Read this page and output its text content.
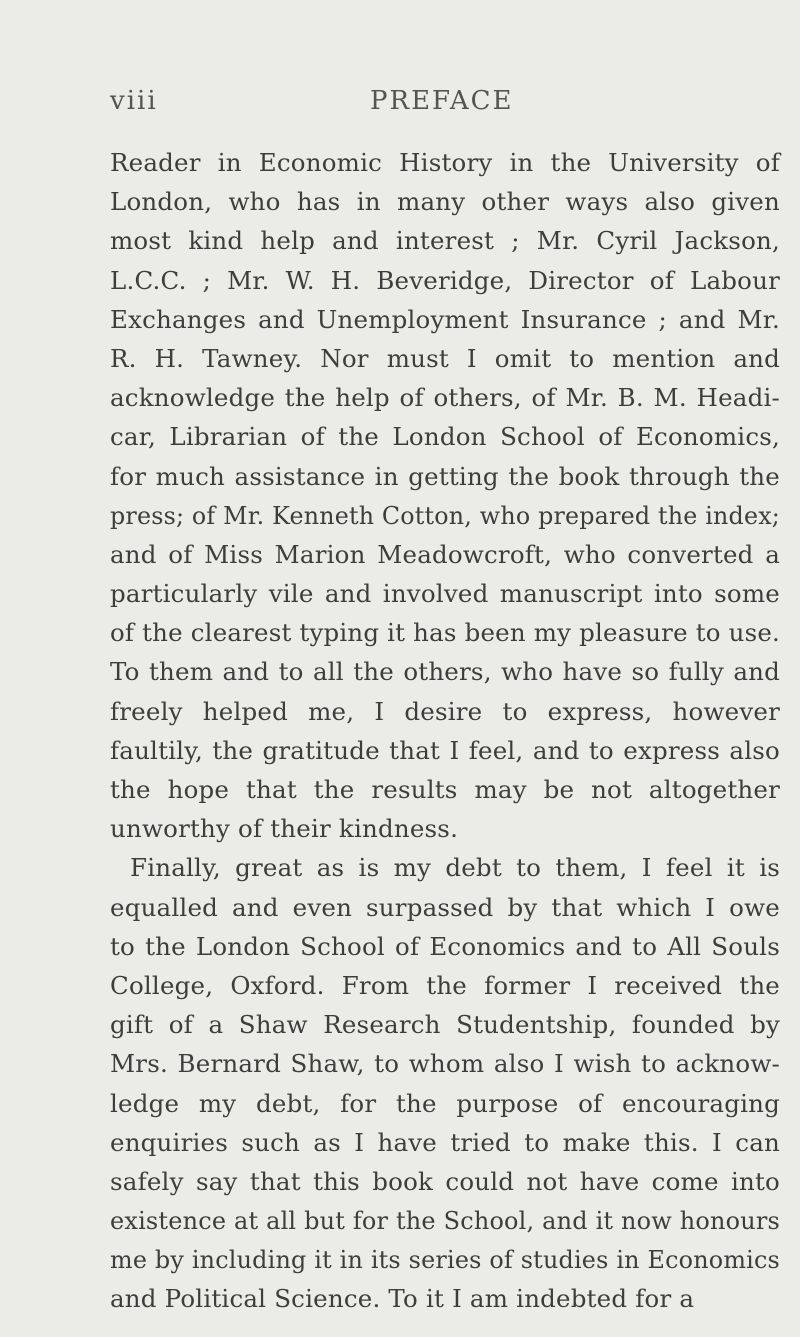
viii	PREFACE
Reader in Economic History in the University of
London, who has in many other ways also given
most kind help and interest ; Mr. Cyril Jackson,
L.C.C. ; Mr. W. H. Beveridge, Director of Labour
Exchanges and Unemployment Insurance ; and Mr.
R. H. Tawney. Nor must I omit to mention and
acknowledge the help of others, of Mr. B. M. Headi-
car, Librarian of the London School of Economics,
for much assistance in getting the book through the
press; of Mr. Kenneth Cotton, who prepared the index;
and of Miss Marion Meadowcroft, who converted a
particularly vile and involved manuscript into some
of the clearest typing it has been my pleasure to use.
To them and to all the others, who have so fully and
freely helped me, I desire to express, however
faultily, the gratitude that I feel, and to express also
the hope that the results may be not altogether
unworthy of their kindness.
Finally, great as is my debt to them, I feel it is
equalled and even surpassed by that which I owe
to the London School of Economics and to All Souls
College, Oxford. From the former I received the
gift of a Shaw Research Studentship, founded by
Mrs. Bernard Shaw, to whom also I wish to acknow-
ledge my debt, for the purpose of encouraging
enquiries such as I have tried to make this. I can
safely say that this book could not have come into
existence at all but for the School, and it now honours
me by including it in its series of studies in Economics
and Political Science. To it I am indebted for a
